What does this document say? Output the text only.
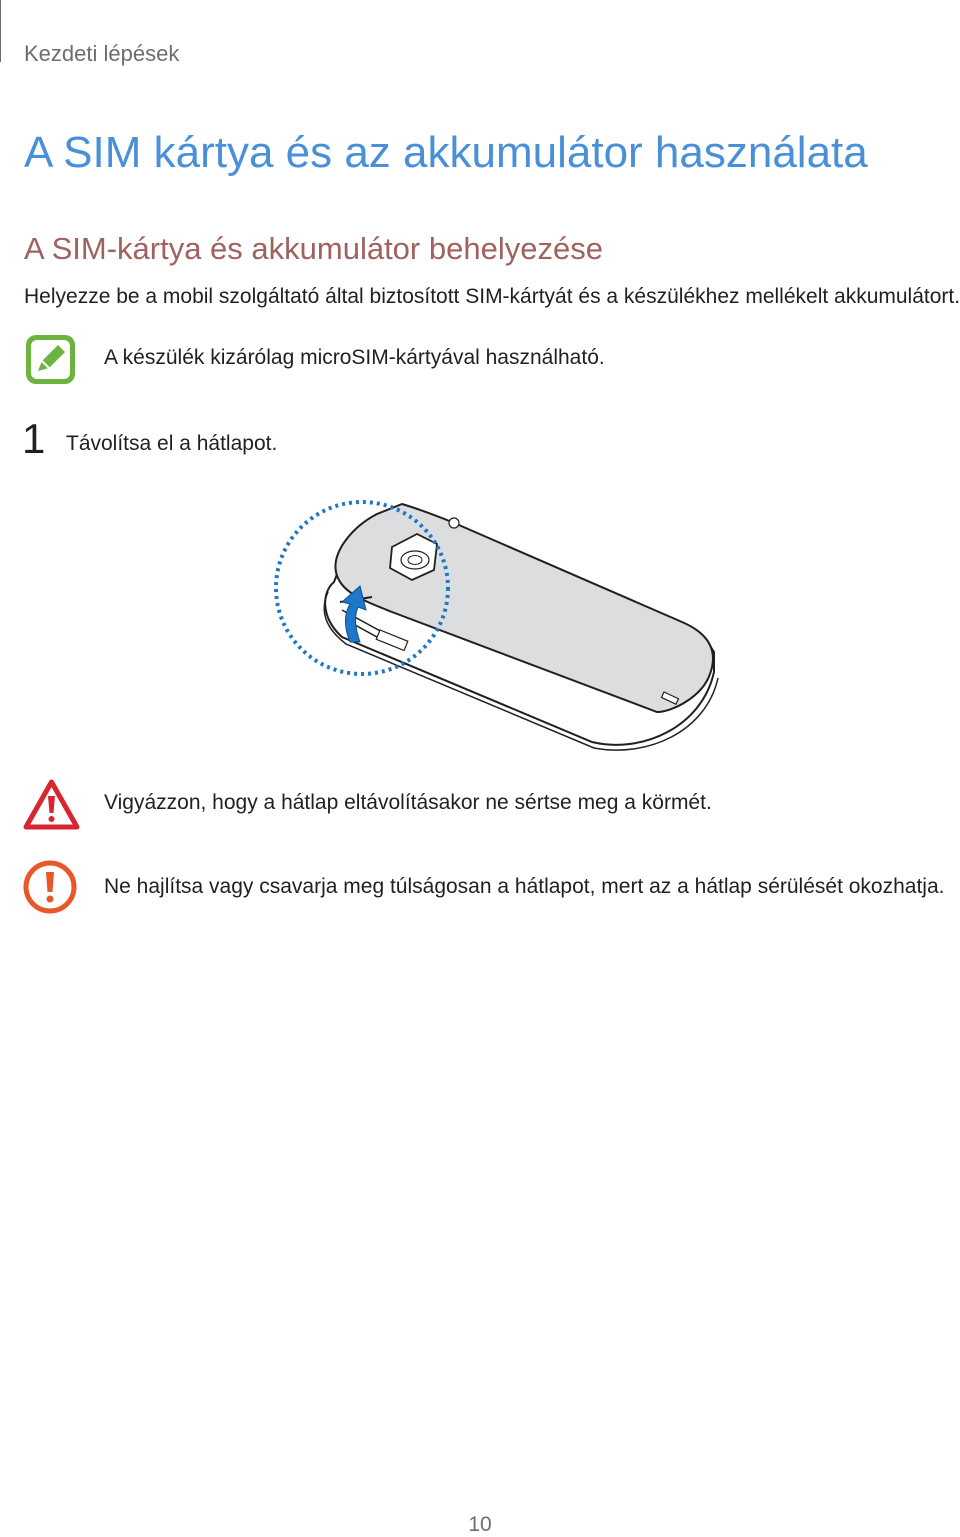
Kezdeti lépések
A SIM kártya és az akkumulátor használata
A SIM-kártya és akkumulátor behelyezése
Helyezze be a mobil szolgáltató által biztosított SIM-kártyát és a készülékhez mellékelt akkumulátort.
A készülék kizárólag microSIM-kártyával használható.
1 Távolítsa el a hátlapot.
Vigyázzon, hogy a hátlap eltávolításakor ne sértse meg a körmét.
Ne hajlítsa vagy csavarja meg túlságosan a hátlapot, mert az a hátlap sérülését okozhatja.
10
